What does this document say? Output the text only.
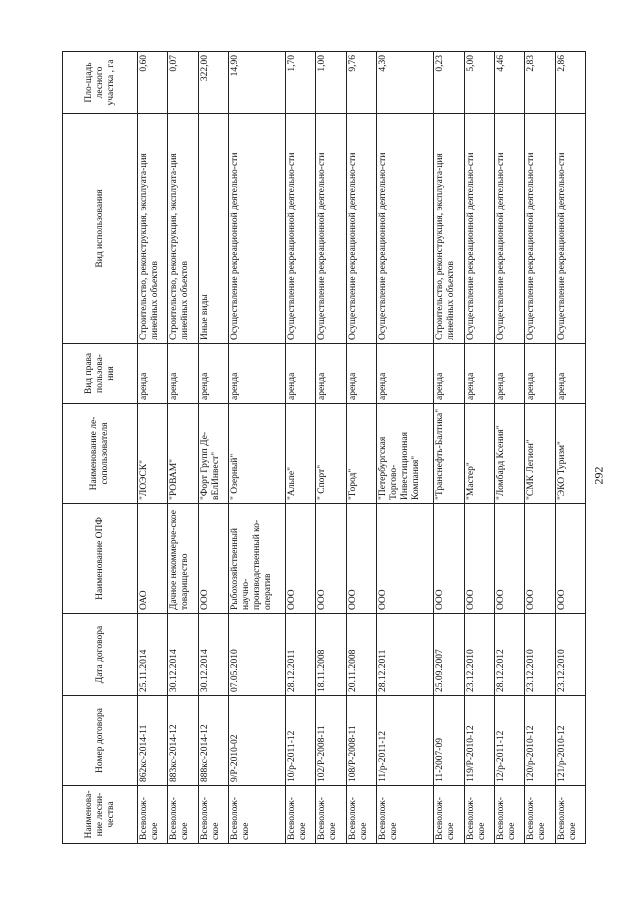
Наименова-ние лесни-чества	Номер договора	Дата договора	Наименование ОПФ	Наименование ле-сопользователя	Вид права пользова-ния	Вид использования	Пло-щадь лесного участка , га
Всеволож-ское	862кс-2014-11	25.11.2014	ОАО	"ЛОЭСК"	аренда	Строительство, реконструкция, эксплуата-ция линейных объектов	0,60
Всеволож-ское	883кс-2014-12	30.12.2014	Дачное некоммерче-ское товарищество	"РОВАМ"	аренда	Строительство, реконструкция, эксплуата-ция линейных объектов	0,07
Всеволож-ское	888кс-2014-12	30.12.2014	ООО	"Форт Групп Де-вЕлИнвест"	аренда	Иные виды	322,00
Всеволож-ское	9/Р-2010-02	07.05.2010	Рыбохозяйственный научно-производственный ко-оператив	" Озерный"	аренда	Осуществление рекреационной деятельно-сти	14,90
Всеволож-ское	10/р-2011-12	28.12.2011	ООО	"Альпе"	аренда	Осуществление рекреационной деятельно-сти	1,70
Всеволож-ское	102/Р-2008-11	18.11.2008	ООО	" Спорт"	аренда	Осуществление рекреационной деятельно-сти	1,00
Всеволож-ское	108/Р-2008-11	20.11.2008	ООО	"Город"	аренда	Осуществление рекреационной деятельно-сти	9,76
Всеволож-ское	11/р-2011-12	28.12.2011	ООО	"Петербургская Торгово-Инвестиционная Компания"	аренда	Осуществление рекреационной деятельно-сти	4,30
Всеволож-ское	11-2007-09	25.09.2007	ООО	"Транснефть-Балтика"	аренда	Строительство, реконструкция, эксплуата-ция линейных объектов	0,23
Всеволож-ское	119/Р-2010-12	23.12.2010	ООО	"Мастер"	аренда	Осуществление рекреационной деятельно-сти	5,00
Всеволож-ское	12/р-2011-12	28.12.2012	ООО	"Ломбард Ксения"	аренда	Осуществление рекреационной деятельно-сти	4,46
Всеволож-ское	120/р-2010-12	23.12.2010	ООО	"СМК Легион"	аренда	Осуществление рекреационной деятельно-сти	2,83
Всеволож-ское	121/р-2010-12	23.12.2010	ООО	"ЭКО Туризм"	аренда	Осуществление рекреационной деятельно-сти	2,86
292
